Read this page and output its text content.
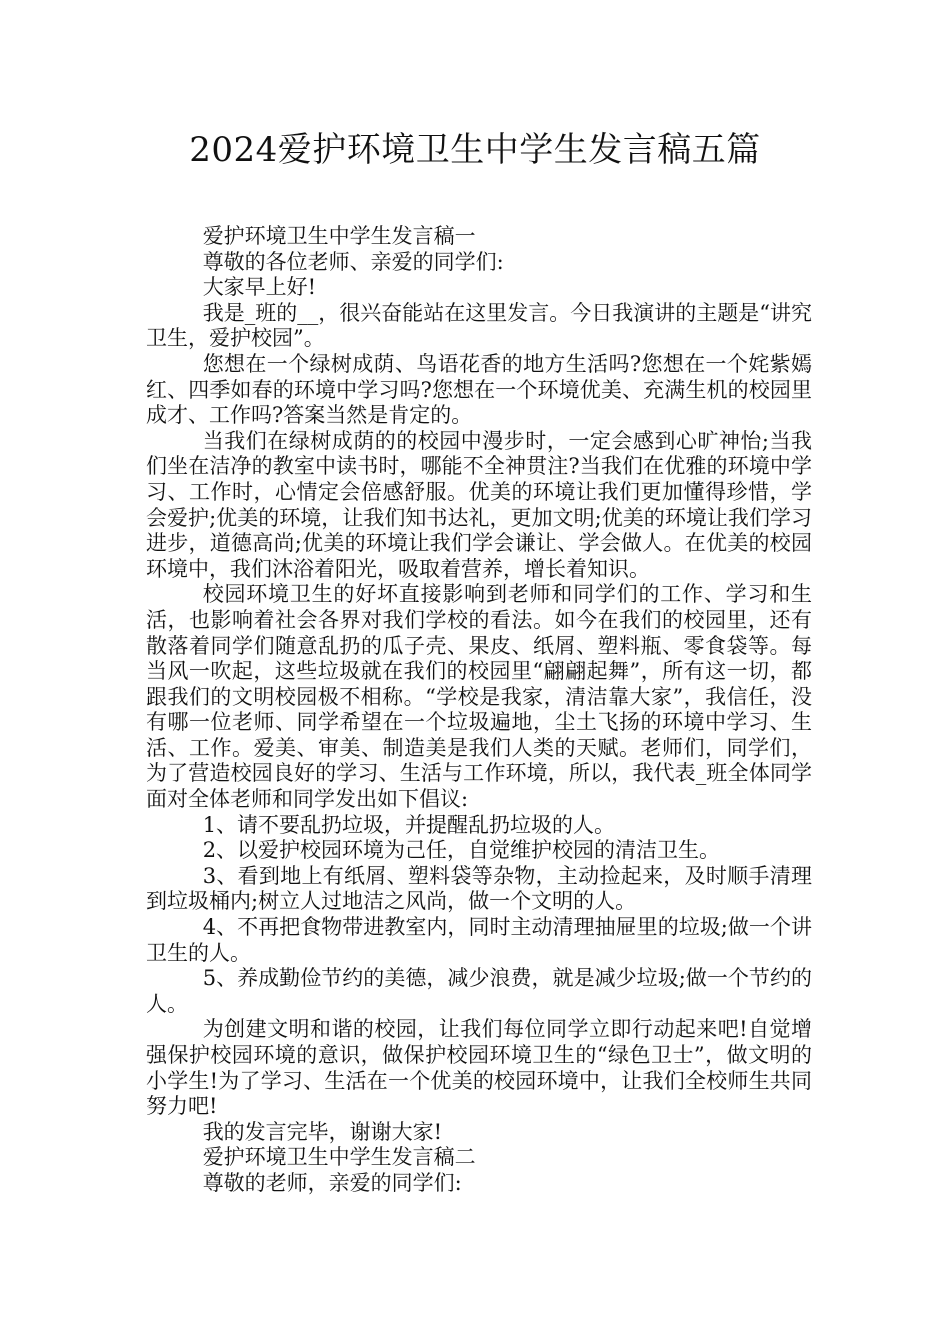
2024爱护环境卫生中学生发言稿五篇

爱护环境卫生中学生发言稿一

尊敬的各位老师、亲爱的同学们:

大家早上好!

我是_班的__，很兴奋能站在这里发言。今日我演讲的主题是“讲究卫生，爱护校园”。

您想在一个绿树成荫、鸟语花香的地方生活吗?您想在一个姹紫嫣红、四季如春的环境中学习吗?您想在一个环境优美、充满生机的校园里成才、工作吗?答案当然是肯定的。

当我们在绿树成荫的的校园中漫步时，一定会感到心旷神怡;当我们坐在洁净的教室中读书时，哪能不全神贯注?当我们在优雅的环境中学习、工作时，心情定会倍感舒服。优美的环境让我们更加懂得珍惜，学会爱护;优美的环境，让我们知书达礼，更加文明;优美的环境让我们学习进步，道德高尚;优美的环境让我们学会谦让、学会做人。在优美的校园环境中，我们沐浴着阳光，吸取着营养，增长着知识。

校园环境卫生的好坏直接影响到老师和同学们的工作、学习和生活，也影响着社会各界对我们学校的看法。如今在我们的校园里，还有散落着同学们随意乱扔的瓜子壳、果皮、纸屑、塑料瓶、零食袋等。每当风一吹起，这些垃圾就在我们的校园里“翩翩起舞”，所有这一切，都跟我们的文明校园极不相称。“学校是我家，清洁靠大家”，我信任，没有哪一位老师、同学希望在一个垃圾遍地，尘土飞扬的环境中学习、生活、工作。爱美、审美、制造美是我们人类的天赋。老师们，同学们，为了营造校园良好的学习、生活与工作环境，所以，我代表_班全体同学面对全体老师和同学发出如下倡议:

1、请不要乱扔垃圾，并提醒乱扔垃圾的人。

2、以爱护校园环境为己任，自觉维护校园的清洁卫生。

3、看到地上有纸屑、塑料袋等杂物，主动捡起来，及时顺手清理到垃圾桶内;树立人过地洁之风尚，做一个文明的人。

4、不再把食物带进教室内，同时主动清理抽屉里的垃圾;做一个讲卫生的人。

5、养成勤俭节约的美德，减少浪费，就是减少垃圾;做一个节约的人。

为创建文明和谐的校园，让我们每位同学立即行动起来吧!自觉增强保护校园环境的意识，做保护校园环境卫生的“绿色卫士”，做文明的小学生!为了学习、生活在一个优美的校园环境中，让我们全校师生共同努力吧!

我的发言完毕，谢谢大家!

爱护环境卫生中学生发言稿二

尊敬的老师，亲爱的同学们:
